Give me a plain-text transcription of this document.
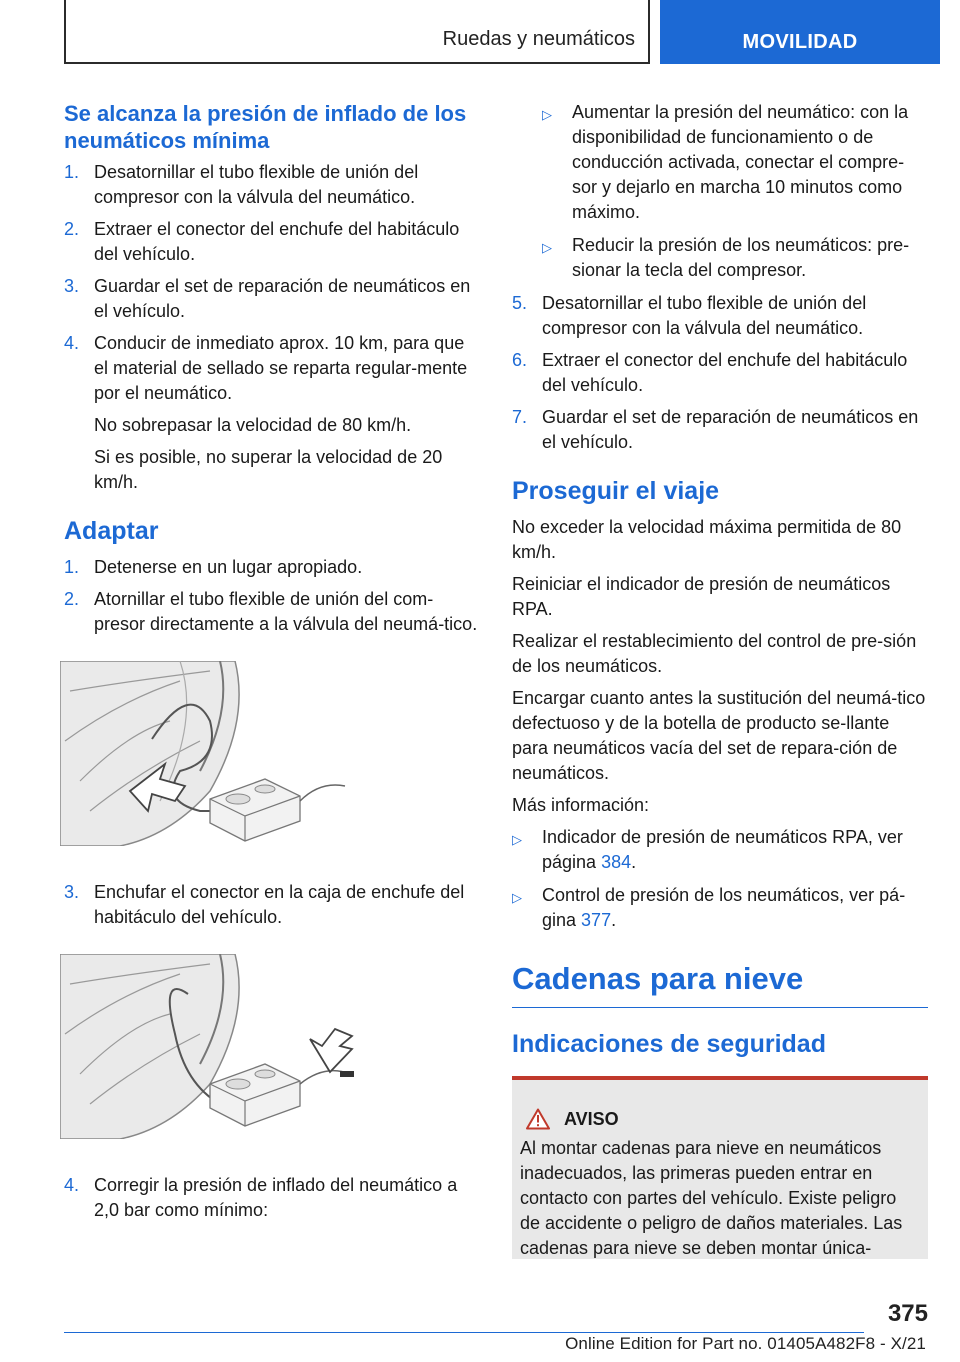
Ruedas y neumáticos	MOVILIDAD
Se alcanza la presión de inflado de los neumáticos mínima
1. Desatornillar el tubo flexible de unión del compresor con la válvula del neumático.
2. Extraer el conector del enchufe del habitáculo del vehículo.
3. Guardar el set de reparación de neumáticos en el vehículo.
4. Conducir de inmediato aprox. 10 km, para que el material de sellado se reparta regular-mente por el neumático.
No sobrepasar la velocidad de 80 km/h.
Si es posible, no superar la velocidad de 20 km/h.
Adaptar
1. Detenerse en un lugar apropiado.
2. Atornillar el tubo flexible de unión del com-presor directamente a la válvula del neumá-tico.
3. Enchufar el conector en la caja de enchufe del habitáculo del vehículo.
4. Corregir la presión de inflado del neumático a 2,0 bar como mínimo:
▷	Aumentar la presión del neumático: con la disponibilidad de funcionamiento o de conducción activada, conectar el compre-sor y dejarlo en marcha 10 minutos como máximo.
▷	Reducir la presión de los neumáticos: pre-sionar la tecla del compresor.
5. Desatornillar el tubo flexible de unión del compresor con la válvula del neumático.
6. Extraer el conector del enchufe del habitáculo del vehículo.
7. Guardar el set de reparación de neumáticos en el vehículo.
Proseguir el viaje
No exceder la velocidad máxima permitida de 80 km/h.
Reiniciar el indicador de presión de neumáticos RPA.
Realizar el restablecimiento del control de pre-sión de los neumáticos.
Encargar cuanto antes la sustitución del neumá-tico defectuoso y de la botella de producto se-llante para neumáticos vacía del set de repara-ción de neumáticos.
Más información:
▷	Indicador de presión de neumáticos RPA, ver página 384.
▷	Control de presión de los neumáticos, ver pá-gina 377.
Cadenas para nieve
Indicaciones de seguridad
AVISO
Al montar cadenas para nieve en neumáticos inadecuados, las primeras pueden entrar en contacto con partes del vehículo. Existe peligro de accidente o peligro de daños materiales. Las cadenas para nieve se deben montar única-
375
Online Edition for Part no. 01405A482F8 - X/21
